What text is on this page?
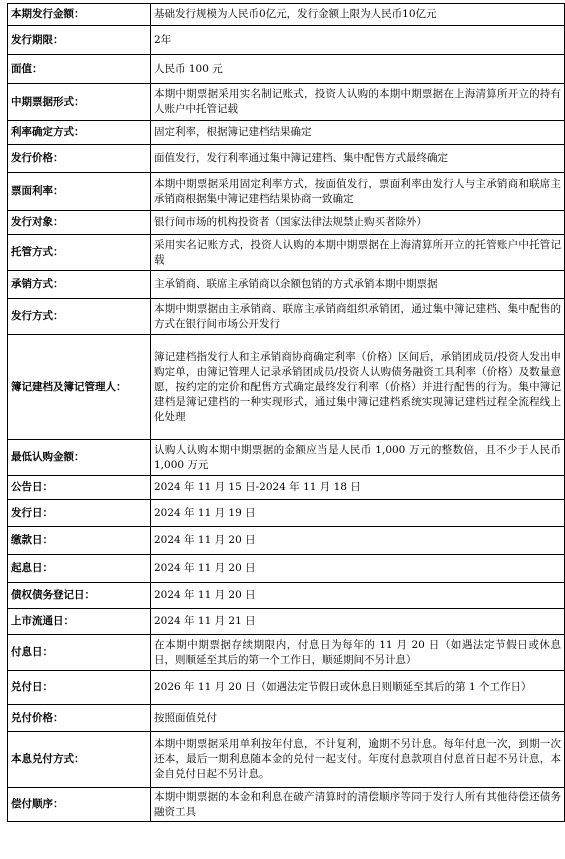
本期发行金额：	基础发行规模为人民币0亿元，发行金额上限为人民币10亿元
发行期限：	2年
面值：	人民币 100 元
中期票据形式：	本期中期票据采用实名制记账式，投资人认购的本期中期票据在上海清算所开立的持有人账户中托管记载
利率确定方式：	固定利率，根据簿记建档结果确定
发行价格：	面值发行，发行利率通过集中簿记建档、集中配售方式最终确定
票面利率：	本期中期票据采用固定利率方式，按面值发行，票面利率由发行人与主承销商和联席主承销商根据集中簿记建档结果协商一致确定
发行对象：	银行间市场的机构投资者（国家法律法规禁止购买者除外）
托管方式：	采用实名记账方式，投资人认购的本期中期票据在上海清算所开立的托管账户中托管记载
承销方式：	主承销商、联席主承销商以余额包销的方式承销本期中期票据
发行方式：	本期中期票据由主承销商、联席主承销商组织承销团，通过集中簿记建档、集中配售的方式在银行间市场公开发行
簿记建档及簿记管理人：	簿记建档指发行人和主承销商协商确定利率（价格）区间后，承销团成员/投资人发出申购定单，由簿记管理人记录承销团成员/投资人认购债务融资工具利率（价格）及数量意愿，按约定的定价和配售方式确定最终发行利率（价格）并进行配售的行为。集中簿记建档是簿记建档的一种实现形式，通过集中簿记建档系统实现簿记建档过程全流程线上化处理
最低认购金额：	认购人认购本期中期票据的金额应当是人民币 1,000 万元的整数倍，且不少于人民币 1,000 万元
公告日：	2024 年 11 月 15 日-2024 年 11 月 18 日
发行日：	2024 年 11 月 19 日
缴款日：	2024 年 11 月 20 日
起息日：	2024 年 11 月 20 日
债权债务登记日：	2024 年 11 月 20 日
上市流通日：	2024 年 11 月 21 日
付息日：	在本期中期票据存续期限内，付息日为每年的 11 月 20 日（如遇法定节假日或休息日，则顺延至其后的第一个工作日，顺延期间不另计息）
兑付日：	2026 年 11 月 20 日（如遇法定节假日或休息日则顺延至其后的第 1 个工作日）
兑付价格：	按照面值兑付
本息兑付方式：	本期中期票据采用单利按年付息，不计复利，逾期不另计息。每年付息一次，到期一次还本，最后一期利息随本金的兑付一起支付。年度付息款项自付息首日起不另计息，本金自兑付日起不另计息。
偿付顺序：	本期中期票据的本金和利息在破产清算时的清偿顺序等同于发行人所有其他待偿还债务融资工具
